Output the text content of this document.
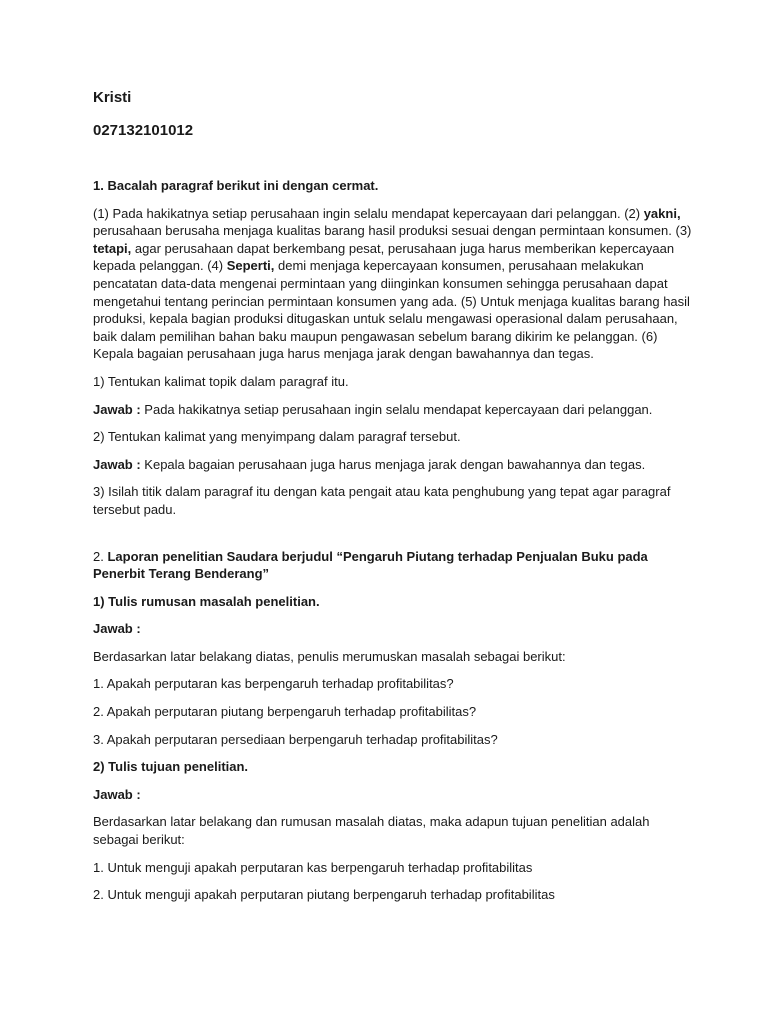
Kristi

027132101012

1. Bacalah paragraf berikut ini dengan cermat.

(1) Pada hakikatnya setiap perusahaan ingin selalu mendapat kepercayaan dari pelanggan. (2) yakni, perusahaan berusaha menjaga kualitas barang hasil produksi sesuai dengan permintaan konsumen. (3) tetapi, agar perusahaan dapat berkembang pesat, perusahaan juga harus memberikan kepercayaan kepada pelanggan. (4) Seperti, demi menjaga kepercayaan konsumen, perusahaan melakukan pencatatan data-data mengenai permintaan yang diinginkan konsumen sehingga perusahaan dapat mengetahui tentang perincian permintaan konsumen yang ada. (5) Untuk menjaga kualitas barang hasil produksi, kepala bagian produksi ditugaskan untuk selalu mengawasi operasional dalam perusahaan, baik dalam pemilihan bahan baku maupun pengawasan sebelum barang dikirim ke pelanggan. (6) Kepala bagaian perusahaan juga harus menjaga jarak dengan bawahannya dan tegas.

1) Tentukan kalimat topik dalam paragraf itu.

Jawab : Pada hakikatnya setiap perusahaan ingin selalu mendapat kepercayaan dari pelanggan.

2) Tentukan kalimat yang menyimpang dalam paragraf tersebut.

Jawab : Kepala bagaian perusahaan juga harus menjaga jarak dengan bawahannya dan tegas.

3) Isilah titik dalam paragraf itu dengan kata pengait atau kata penghubung yang tepat agar paragraf tersebut padu.

2. Laporan penelitian Saudara berjudul “Pengaruh Piutang terhadap Penjualan Buku pada Penerbit Terang Benderang”

1) Tulis rumusan masalah penelitian.

Jawab :

Berdasarkan latar belakang diatas, penulis merumuskan masalah sebagai berikut:

1. Apakah perputaran kas berpengaruh terhadap profitabilitas?

2. Apakah perputaran piutang berpengaruh terhadap profitabilitas?

3. Apakah perputaran persediaan berpengaruh terhadap profitabilitas?

2) Tulis tujuan penelitian.

Jawab :

Berdasarkan latar belakang dan rumusan masalah diatas, maka adapun tujuan penelitian adalah sebagai berikut:

1. Untuk menguji apakah perputaran kas berpengaruh terhadap profitabilitas

2. Untuk menguji apakah perputaran piutang berpengaruh terhadap profitabilitas
